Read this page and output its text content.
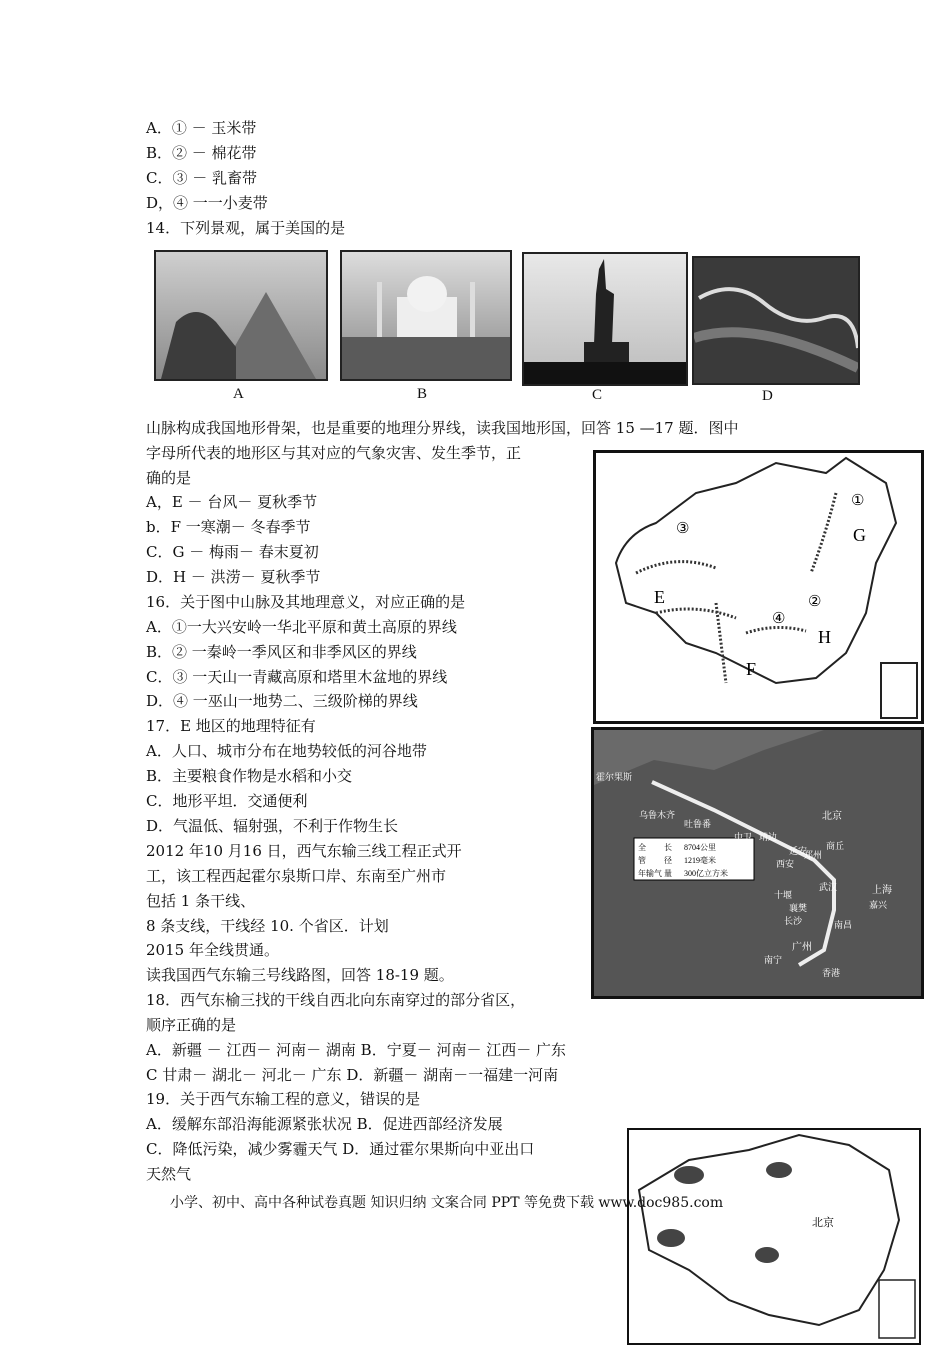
A．① － 玉米带
B．② － 棉花带
C．③ － 乳畜带
D，④ 一一小麦带
14．下列景观，属于美国的是
A	B	C	D
山脉构成我国地形骨架，也是重要的地理分界线，读我国地形国，回答 15 —17 题．图中
字母所代表的地形区与其对应的气象灾害、发生季节，正
确的是
A，E － 台风－ 夏秋季节
b．F 一寒潮－ 冬春季节
C．G － 梅雨－ 春末夏初
D．H － 洪涝－ 夏秋季节
16．关于图中山脉及其地理意义，对应正确的是
A．①一大兴安岭一华北平原和黄土高原的界线
B．② 一秦岭一季风区和非季风区的界线
C．③ 一天山一青藏高原和塔里木盆地的界线
D．④ 一巫山一地势二、三级阶梯的界线
17．E 地区的地理特征有
A．人口、城市分布在地势较低的河谷地带
B．主要粮食作物是水稻和小交
C．地形平坦．交通便利
D．气温低、辐射强，不利于作物生长
2012 年10 月16 日，西气东输三线工程正式开
工，该工程西起霍尔泉斯口岸、东南至广州市
包括 1 条干线、
8 条支线，干线经 10. 个省区．计划
2015 年全线贯通。
读我国西气东输三号线路图，回答 18-19 题。
18．西气东榆三找的干线自西北向东南穿过的部分省区，
顺序正确的是
A．新疆 － 江西－ 河南－ 湖南 B．宁夏－ 河南－ 江西－ 广东
C 甘肃－ 湖北－ 河北－ 广东 D．新疆－ 湖南－一福建一河南
19．关于西气东输工程的意义，错误的是
A．缓解东部沿海能源紧张状况 B．促进西部经济发展
C．降低污染，减少雾霾天气 D．通过霍尔果斯向中亚出口
天然气
①
②
③
④
E
F
G
H
全 长 8704公里
管 径 1219毫米
年输气 量 300亿立方米
霍尔果斯
乌鲁木齐
吐鲁番
北京
中卫 靖边
延安
西安
郑州
商丘
十堰
武汉
襄樊
长沙
上海
嘉兴
南昌
广州
南宁
香港
北京
小学、初中、高中各种试卷真题 知识归纳 文案合同 PPT 等免费下载 www.doc985.com
